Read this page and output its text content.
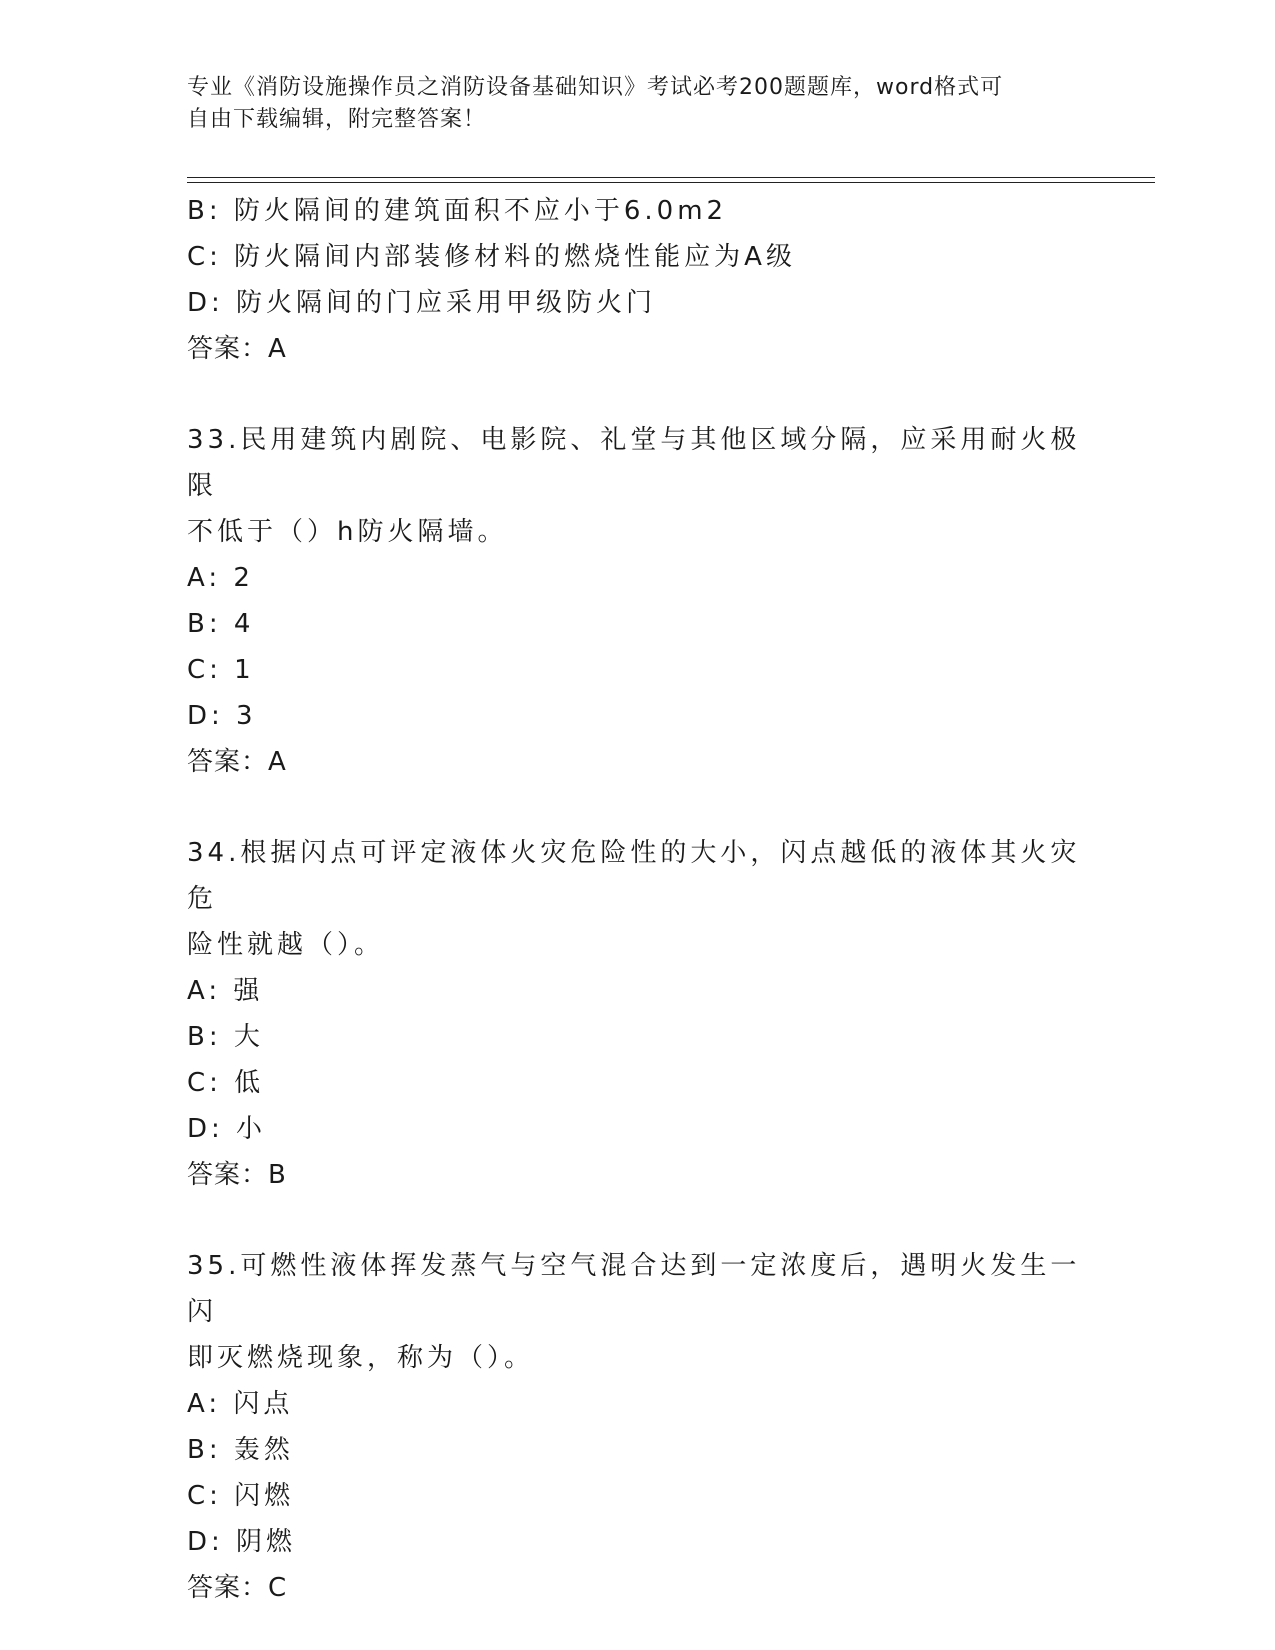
专业《消防设施操作员之消防设备基础知识》考试必考200题题库，word格式可
自由下载编辑，附完整答案！
B: 防火隔间的建筑面积不应小于6.0m2
C: 防火隔间内部装修材料的燃烧性能应为A级
D: 防火隔间的门应采用甲级防火门
答案：A
33.民用建筑内剧院、电影院、礼堂与其他区域分隔，应采用耐火极限
不低于（）h防火隔墙。
A: 2
B: 4
C: 1
D: 3
答案：A
34.根据闪点可评定液体火灾危险性的大小，闪点越低的液体其火灾危
险性就越（）。
A: 强
B: 大
C: 低
D: 小
答案：B
35.可燃性液体挥发蒸气与空气混合达到一定浓度后，遇明火发生一闪
即灭燃烧现象，称为（）。
A: 闪点
B: 轰然
C: 闪燃
D: 阴燃
答案：C
